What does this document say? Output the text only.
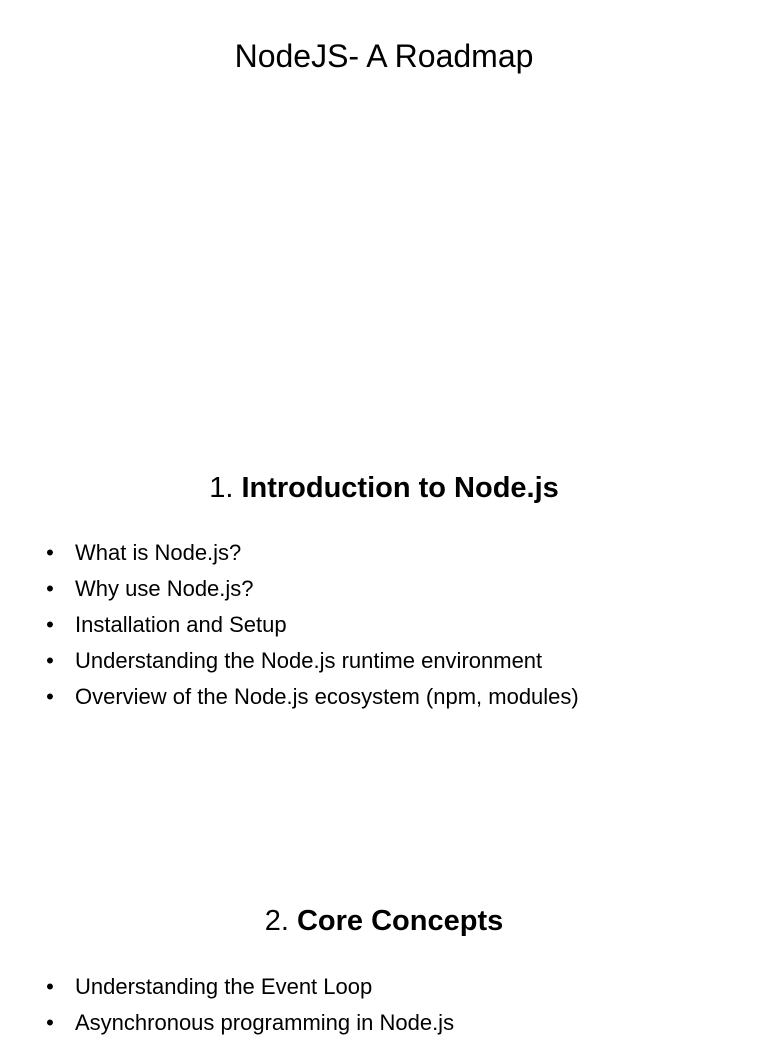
NodeJS- A Roadmap
1. Introduction to Node.js
• What is Node.js?
• Why use Node.js?
• Installation and Setup
• Understanding the Node.js runtime environment
• Overview of the Node.js ecosystem (npm, modules)
2. Core Concepts
• Understanding the Event Loop
• Asynchronous programming in Node.js
